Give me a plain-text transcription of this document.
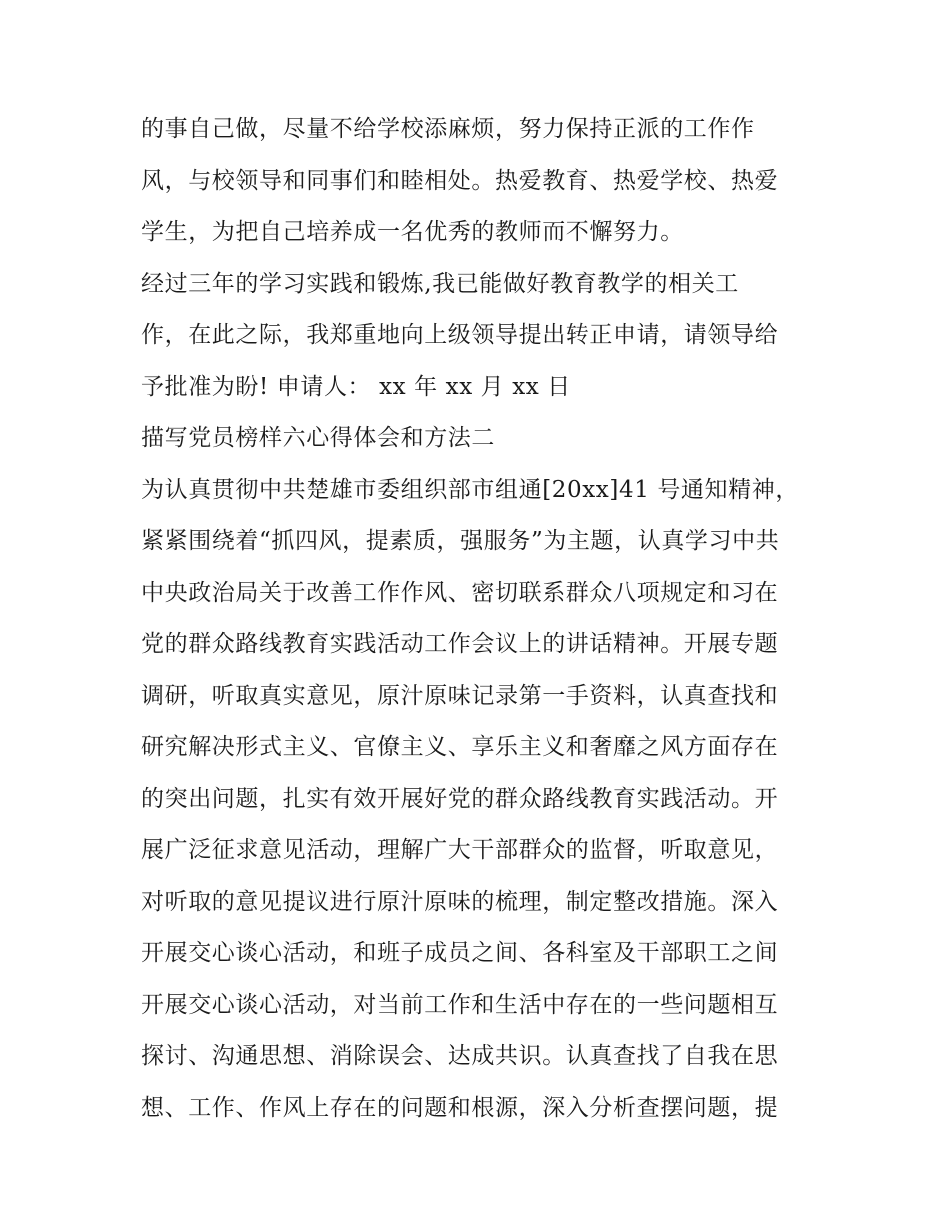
的事自己做，尽量不给学校添麻烦，努力保持正派的工作作
风，与校领导和同事们和睦相处。热爱教育、热爱学校、热爱
学生，为把自己培养成一名优秀的教师而不懈努力。
经过三年的学习实践和锻炼,我已能做好教育教学的相关工
作，在此之际，我郑重地向上级领导提出转正申请，请领导给
予批准为盼! 申请人： xx 年 xx 月 xx 日
描写党员榜样六心得体会和方法二
为认真贯彻中共楚雄市委组织部市组通[20xx]41 号通知精神，
紧紧围绕着“抓四风，提素质，强服务”为主题，认真学习中共
中央政治局关于改善工作作风、密切联系群众八项规定和习在
党的群众路线教育实践活动工作会议上的讲话精神。开展专题
调研，听取真实意见，原汁原味记录第一手资料，认真查找和
研究解决形式主义、官僚主义、享乐主义和奢靡之风方面存在
的突出问题，扎实有效开展好党的群众路线教育实践活动。开
展广泛征求意见活动，理解广大干部群众的监督，听取意见，
对听取的意见提议进行原汁原味的梳理，制定整改措施。深入
开展交心谈心活动，和班子成员之间、各科室及干部职工之间
开展交心谈心活动，对当前工作和生活中存在的一些问题相互
探讨、沟通思想、消除误会、达成共识。认真查找了自我在思
想、工作、作风上存在的问题和根源，深入分析查摆问题，提
